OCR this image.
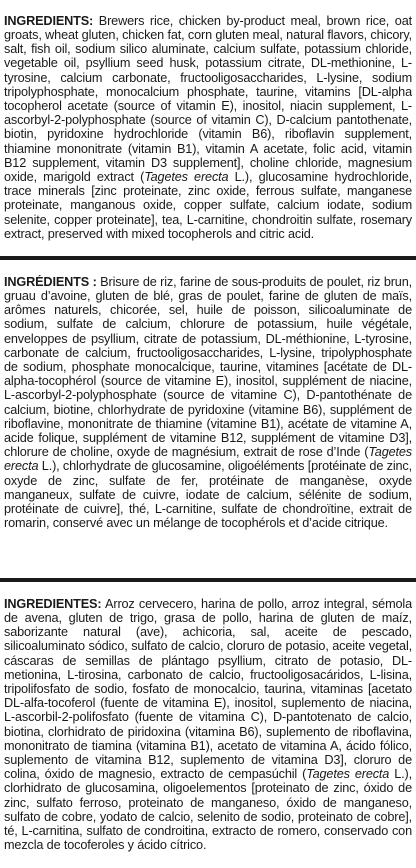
INGREDIENTS: Brewers rice, chicken by-product meal, brown rice, oat groats, wheat gluten, chicken fat, corn gluten meal, natural flavors, chicory, salt, fish oil, sodium silico aluminate, calcium sulfate, potassium chloride, vegetable oil, psyllium seed husk, potassium citrate, DL-methionine, L-tyrosine, calcium carbonate, fructooligosaccharides, L-lysine, sodium tripolyphosphate, monocalcium phosphate, taurine, vitamins [DL-alpha tocopherol acetate (source of vitamin E), inositol, niacin supplement, L-ascorbyl-2-polyphosphate (source of vitamin C), D-calcium pantothenate, biotin, pyridoxine hydrochloride (vitamin B6), riboflavin supplement, thiamine mononitrate (vitamin B1), vitamin A acetate, folic acid, vitamin B12 supplement, vitamin D3 supplement], choline chloride, magnesium oxide, marigold extract (Tagetes erecta L.), glucosamine hydrochloride, trace minerals [zinc proteinate, zinc oxide, ferrous sulfate, manganese proteinate, manganous oxide, copper sulfate, calcium iodate, sodium selenite, copper proteinate], tea, L-carnitine, chondroitin sulfate, rosemary extract, preserved with mixed tocopherols and citric acid.

INGRÉDIENTS : Brisure de riz, farine de sous-produits de poulet, riz brun, gruau d’avoine, gluten de blé, gras de poulet, farine de gluten de maïs, arômes naturels, chicorée, sel, huile de poisson, silicoaluminate de sodium, sulfate de calcium, chlorure de potassium, huile végétale, enveloppes de psyllium, citrate de potassium, DL-méthionine, L-tyrosine, carbonate de calcium, fructooligosaccharides, L-lysine, tripolyphosphate de sodium, phosphate monocalcique, taurine, vitamines [acétate de DL-alpha-tocophérol (source de vitamine E), inositol, supplément de niacine, L-ascorbyl-2-polyphosphate (source de vitamine C), D-pantothénate de calcium, biotine, chlorhydrate de pyridoxine (vitamine B6), supplément de riboflavine, mononitrate de thiamine (vitamine B1), acétate de vitamine A, acide folique, supplément de vitamine B12, supplément de vitamine D3], chlorure de choline, oxyde de magnésium, extrait de rose d’Inde (Tagetes erecta L.), chlorhydrate de glucosamine, oligoéléments [protéinate de zinc, oxyde de zinc, sulfate de fer, protéinate de manganèse, oxyde manganeux, sulfate de cuivre, iodate de calcium, sélénite de sodium, protéinate de cuivre], thé, L-carnitine, sulfate de chondroïtine, extrait de romarin, conservé avec un mélange de tocophérols et d’acide citrique.

INGREDIENTES: Arroz cervecero, harina de pollo, arroz integral, sémola de avena, gluten de trigo, grasa de pollo, harina de gluten de maíz, saborizante natural (ave), achicoria, sal, aceite de pescado, silicoaluminato sódico, sulfato de calcio, cloruro de potasio, aceite vegetal, cáscaras de semillas de plántago psyllium, citrato de potasio, DL-metionina, L-tirosina, carbonato de calcio, fructooligosacáridos, L-lisina, tripolifosfato de sodio, fosfato de monocalcio, taurina, vitaminas [acetato DL-alfa-tocoferol (fuente de vitamina E), inositol, suplemento de niacina, L-ascorbil-2-polifosfato (fuente de vitamina C), D-pantotenato de calcio, biotina, clorhidrato de piridoxina (vitamina B6), suplemento de riboflavina, mononitrato de tiamina (vitamina B1), acetato de vitamina A, ácido fólico, suplemento de vitamina B12, suplemento de vitamina D3], cloruro de colina, óxido de magnesio, extracto de cempasúchil (Tagetes erecta L.), clorhidrato de glucosamina, oligoelementos [proteinato de zinc, óxido de zinc, sulfato ferroso, proteinato de manganeso, óxido de manganeso, sulfato de cobre, yodato de calcio, selenito de sodio, proteinato de cobre], té, L-carnitina, sulfato de condroitina, extracto de romero, conservado con mezcla de tocoferoles y ácido cítrico.
